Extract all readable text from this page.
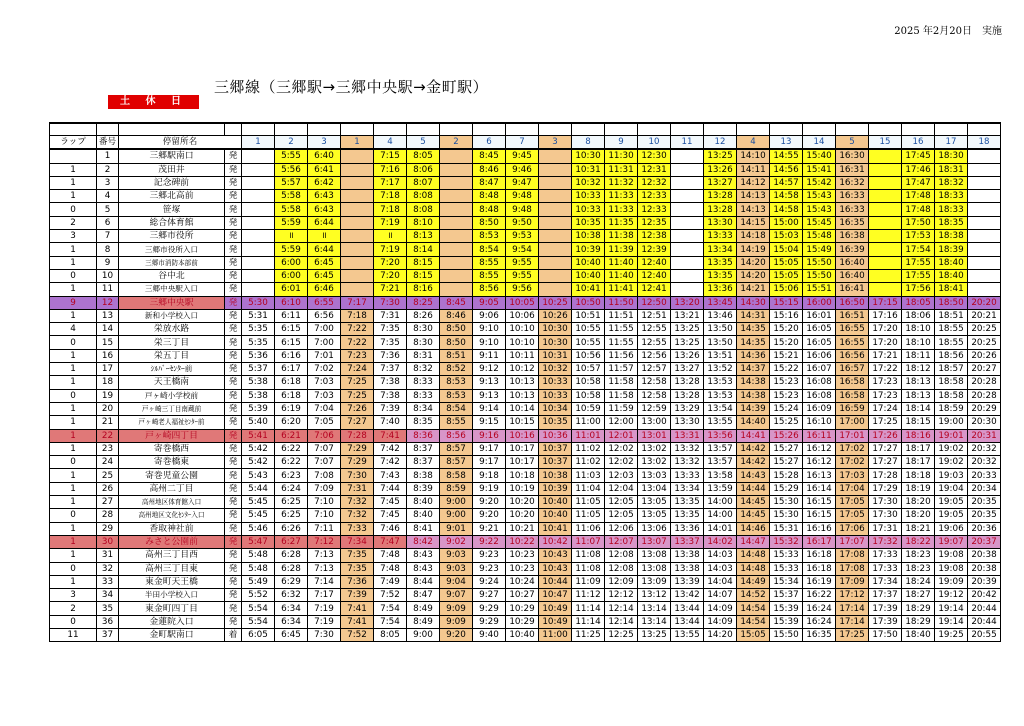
2025 年2月20日　実施
三郷線（三郷駅→三郷中央駅→金町駅）
土 休 日

ラップ	番号	停留所名		1	2	3	1	4	5	2	6	7	3	8	9	10	11	12	4	13	14	5	15	16	17	18
	1	三郷駅南口	発		5:55	6:40		7:15	8:05		8:45	9:45		10:30	11:30	12:30		13:25	14:10	14:55	15:40	16:30		17:45	18:30	
1	2	茂田井	発		5:56	6:41		7:16	8:06		8:46	9:46		10:31	11:31	12:31		13:26	14:11	14:56	15:41	16:31		17:46	18:31	
1	3	記念碑前	発		5:57	6:42		7:17	8:07		8:47	9:47		10:32	11:32	12:32		13:27	14:12	14:57	15:42	16:32		17:47	18:32	
1	4	三郷北高前	発		5:58	6:43		7:18	8:08		8:48	9:48		10:33	11:33	12:33		13:28	14:13	14:58	15:43	16:33		17:48	18:33	
0	5	笹塚	発		5:58	6:43		7:18	8:08		8:48	9:48		10:33	11:33	12:33		13:28	14:13	14:58	15:43	16:33		17:48	18:33	
2	6	総合体育館	発		5:59	6:44		7:19	8:10		8:50	9:50		10:35	11:35	12:35		13:30	14:15	15:00	15:45	16:35		17:50	18:35	
3	7	三郷市役所	発		॥	॥		॥	8:13		8:53	9:53		10:38	11:38	12:38		13:33	14:18	15:03	15:48	16:38		17:53	18:38	
1	8	三郷市役所入口	発		5:59	6:44		7:19	8:14		8:54	9:54		10:39	11:39	12:39		13:34	14:19	15:04	15:49	16:39		17:54	18:39	
1	9	三郷市消防本部前	発		6:00	6:45		7:20	8:15		8:55	9:55		10:40	11:40	12:40		13:35	14:20	15:05	15:50	16:40		17:55	18:40	
0	10	谷中北	発		6:00	6:45		7:20	8:15		8:55	9:55		10:40	11:40	12:40		13:35	14:20	15:05	15:50	16:40		17:55	18:40	
1	11	三郷中央駅入口	発		6:01	6:46		7:21	8:16		8:56	9:56		10:41	11:41	12:41		13:36	14:21	15:06	15:51	16:41		17:56	18:41	
9	12	三郷中央駅	発	5:30	6:10	6:55	7:17	7:30	8:25	8:45	9:05	10:05	10:25	10:50	11:50	12:50	13:20	13:45	14:30	15:15	16:00	16:50	17:15	18:05	18:50	20:20
1	13	新和小学校入口	発	5:31	6:11	6:56	7:18	7:31	8:26	8:46	9:06	10:06	10:26	10:51	11:51	12:51	13:21	13:46	14:31	15:16	16:01	16:51	17:16	18:06	18:51	20:21
4	14	栄放水路	発	5:35	6:15	7:00	7:22	7:35	8:30	8:50	9:10	10:10	10:30	10:55	11:55	12:55	13:25	13:50	14:35	15:20	16:05	16:55	17:20	18:10	18:55	20:25
0	15	栄三丁目	発	5:35	6:15	7:00	7:22	7:35	8:30	8:50	9:10	10:10	10:30	10:55	11:55	12:55	13:25	13:50	14:35	15:20	16:05	16:55	17:20	18:10	18:55	20:25
1	16	栄五丁目	発	5:36	6:16	7:01	7:23	7:36	8:31	8:51	9:11	10:11	10:31	10:56	11:56	12:56	13:26	13:51	14:36	15:21	16:06	16:56	17:21	18:11	18:56	20:26
1	17	ｼﾙﾊﾞｰｾﾝﾀｰ前	発	5:37	6:17	7:02	7:24	7:37	8:32	8:52	9:12	10:12	10:32	10:57	11:57	12:57	13:27	13:52	14:37	15:22	16:07	16:57	17:22	18:12	18:57	20:27
1	18	天王橋南	発	5:38	6:18	7:03	7:25	7:38	8:33	8:53	9:13	10:13	10:33	10:58	11:58	12:58	13:28	13:53	14:38	15:23	16:08	16:58	17:23	18:13	18:58	20:28
0	19	戸ヶ崎小学校前	発	5:38	6:18	7:03	7:25	7:38	8:33	8:53	9:13	10:13	10:33	10:58	11:58	12:58	13:28	13:53	14:38	15:23	16:08	16:58	17:23	18:13	18:58	20:28
1	20	戸ヶ崎三丁目南蔵前	発	5:39	6:19	7:04	7:26	7:39	8:34	8:54	9:14	10:14	10:34	10:59	11:59	12:59	13:29	13:54	14:39	15:24	16:09	16:59	17:24	18:14	18:59	20:29
1	21	戸ヶ崎老人福祉ｾﾝﾀｰ前	発	5:40	6:20	7:05	7:27	7:40	8:35	8:55	9:15	10:15	10:35	11:00	12:00	13:00	13:30	13:55	14:40	15:25	16:10	17:00	17:25	18:15	19:00	20:30
1	22	戸ヶ崎四丁目	発	5:41	6:21	7:06	7:28	7:41	8:36	8:56	9:16	10:16	10:36	11:01	12:01	13:01	13:31	13:56	14:41	15:26	16:11	17:01	17:26	18:16	19:01	20:31
1	23	寄巻橋西	発	5:42	6:22	7:07	7:29	7:42	8:37	8:57	9:17	10:17	10:37	11:02	12:02	13:02	13:32	13:57	14:42	15:27	16:12	17:02	17:27	18:17	19:02	20:32
0	24	寄巻橋東	発	5:42	6:22	7:07	7:29	7:42	8:37	8:57	9:17	10:17	10:37	11:02	12:02	13:02	13:32	13:57	14:42	15:27	16:12	17:02	17:27	18:17	19:02	20:32
1	25	寄巻児童公園	発	5:43	6:23	7:08	7:30	7:43	8:38	8:58	9:18	10:18	10:38	11:03	12:03	13:03	13:33	13:58	14:43	15:28	16:13	17:03	17:28	18:18	19:03	20:33
1	26	高州二丁目	発	5:44	6:24	7:09	7:31	7:44	8:39	8:59	9:19	10:19	10:39	11:04	12:04	13:04	13:34	13:59	14:44	15:29	16:14	17:04	17:29	18:19	19:04	20:34
1	27	高州地区体育館入口	発	5:45	6:25	7:10	7:32	7:45	8:40	9:00	9:20	10:20	10:40	11:05	12:05	13:05	13:35	14:00	14:45	15:30	16:15	17:05	17:30	18:20	19:05	20:35
0	28	高州地区文化ｾﾝﾀｰ入口	発	5:45	6:25	7:10	7:32	7:45	8:40	9:00	9:20	10:20	10:40	11:05	12:05	13:05	13:35	14:00	14:45	15:30	16:15	17:05	17:30	18:20	19:05	20:35
1	29	香取神社前	発	5:46	6:26	7:11	7:33	7:46	8:41	9:01	9:21	10:21	10:41	11:06	12:06	13:06	13:36	14:01	14:46	15:31	16:16	17:06	17:31	18:21	19:06	20:36
1	30	みさと公園前	発	5:47	6:27	7:12	7:34	7:47	8:42	9:02	9:22	10:22	10:42	11:07	12:07	13:07	13:37	14:02	14:47	15:32	16:17	17:07	17:32	18:22	19:07	20:37
1	31	高州三丁目西	発	5:48	6:28	7:13	7:35	7:48	8:43	9:03	9:23	10:23	10:43	11:08	12:08	13:08	13:38	14:03	14:48	15:33	16:18	17:08	17:33	18:23	19:08	20:38
0	32	高州三丁目東	発	5:48	6:28	7:13	7:35	7:48	8:43	9:03	9:23	10:23	10:43	11:08	12:08	13:08	13:38	14:03	14:48	15:33	16:18	17:08	17:33	18:23	19:08	20:38
1	33	東金町天王橋	発	5:49	6:29	7:14	7:36	7:49	8:44	9:04	9:24	10:24	10:44	11:09	12:09	13:09	13:39	14:04	14:49	15:34	16:19	17:09	17:34	18:24	19:09	20:39
3	34	半田小学校入口	発	5:52	6:32	7:17	7:39	7:52	8:47	9:07	9:27	10:27	10:47	11:12	12:12	13:12	13:42	14:07	14:52	15:37	16:22	17:12	17:37	18:27	19:12	20:42
2	35	東金町四丁目	発	5:54	6:34	7:19	7:41	7:54	8:49	9:09	9:29	10:29	10:49	11:14	12:14	13:14	13:44	14:09	14:54	15:39	16:24	17:14	17:39	18:29	19:14	20:44
0	36	金蓮院入口	発	5:54	6:34	7:19	7:41	7:54	8:49	9:09	9:29	10:29	10:49	11:14	12:14	13:14	13:44	14:09	14:54	15:39	16:24	17:14	17:39	18:29	19:14	20:44
11	37	金町駅南口	着	6:05	6:45	7:30	7:52	8:05	9:00	9:20	9:40	10:40	11:00	11:25	12:25	13:25	13:55	14:20	15:05	15:50	16:35	17:25	17:50	18:40	19:25	20:55
